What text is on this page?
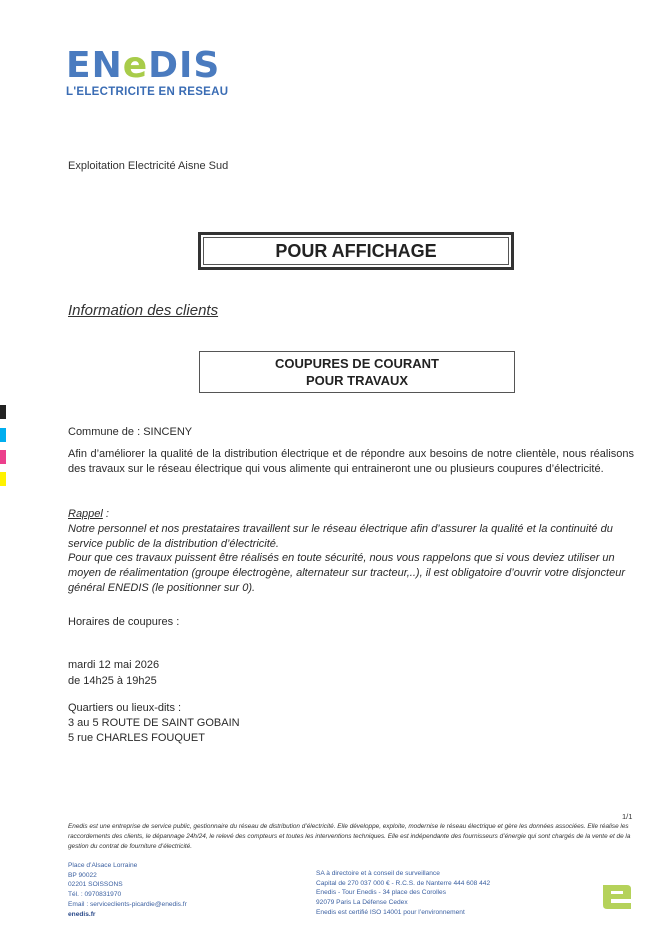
ENeDIS
L'ELECTRICITE EN RESEAU
Exploitation Electricité Aisne Sud
POUR AFFICHAGE
Information des clients
COUPURES DE COURANT
POUR TRAVAUX
Commune de : SINCENY
Afin d’améliorer la qualité de la distribution électrique et de répondre aux besoins de notre clientèle, nous réalisons des travaux sur le réseau électrique qui vous alimente qui entraineront une ou plusieurs coupures d’électricité.
Rappel :
Notre personnel et nos prestataires travaillent sur le réseau électrique afin d’assurer la qualité et la continuité du service public de la distribution d’électricité.
Pour que ces travaux puissent être réalisés en toute sécurité, nous vous rappelons que si vous deviez utiliser un moyen de réalimentation (groupe électrogène, alternateur sur tracteur,..), il est obligatoire d’ouvrir votre disjoncteur
général ENEDIS (le positionner sur 0).
Horaires de coupures :
mardi 12 mai 2026
de 14h25 à 19h25
Quartiers ou lieux-dits :
3 au 5 ROUTE DE SAINT GOBAIN
5 rue CHARLES FOUQUET
1/1
Enedis est une entreprise de service public, gestionnaire du réseau de distribution d’électricité. Elle développe, exploite, modernise le réseau électrique et gère les données associées. Elle réalise les raccordements des clients, le dépannage 24h/24, le relevé des compteurs et toutes les interventions techniques. Elle est indépendante des fournisseurs d’énergie qui sont chargés de la vente et de la gestion du contrat de fourniture d’électricité.
Place d’Alsace Lorraine
BP 90022
02201 SOISSONS
Tél. : 0970831970
Email : serviceclients-picardie@enedis.fr
enedis.fr
SA à directoire et à conseil de surveillance
Capital de 270 037 000 € - R.C.S. de Nanterre 444 608 442
Enedis - Tour Enedis - 34 place des Corolles
92079 Paris La Défense Cedex
Enedis est certifié ISO 14001 pour l’environnement
